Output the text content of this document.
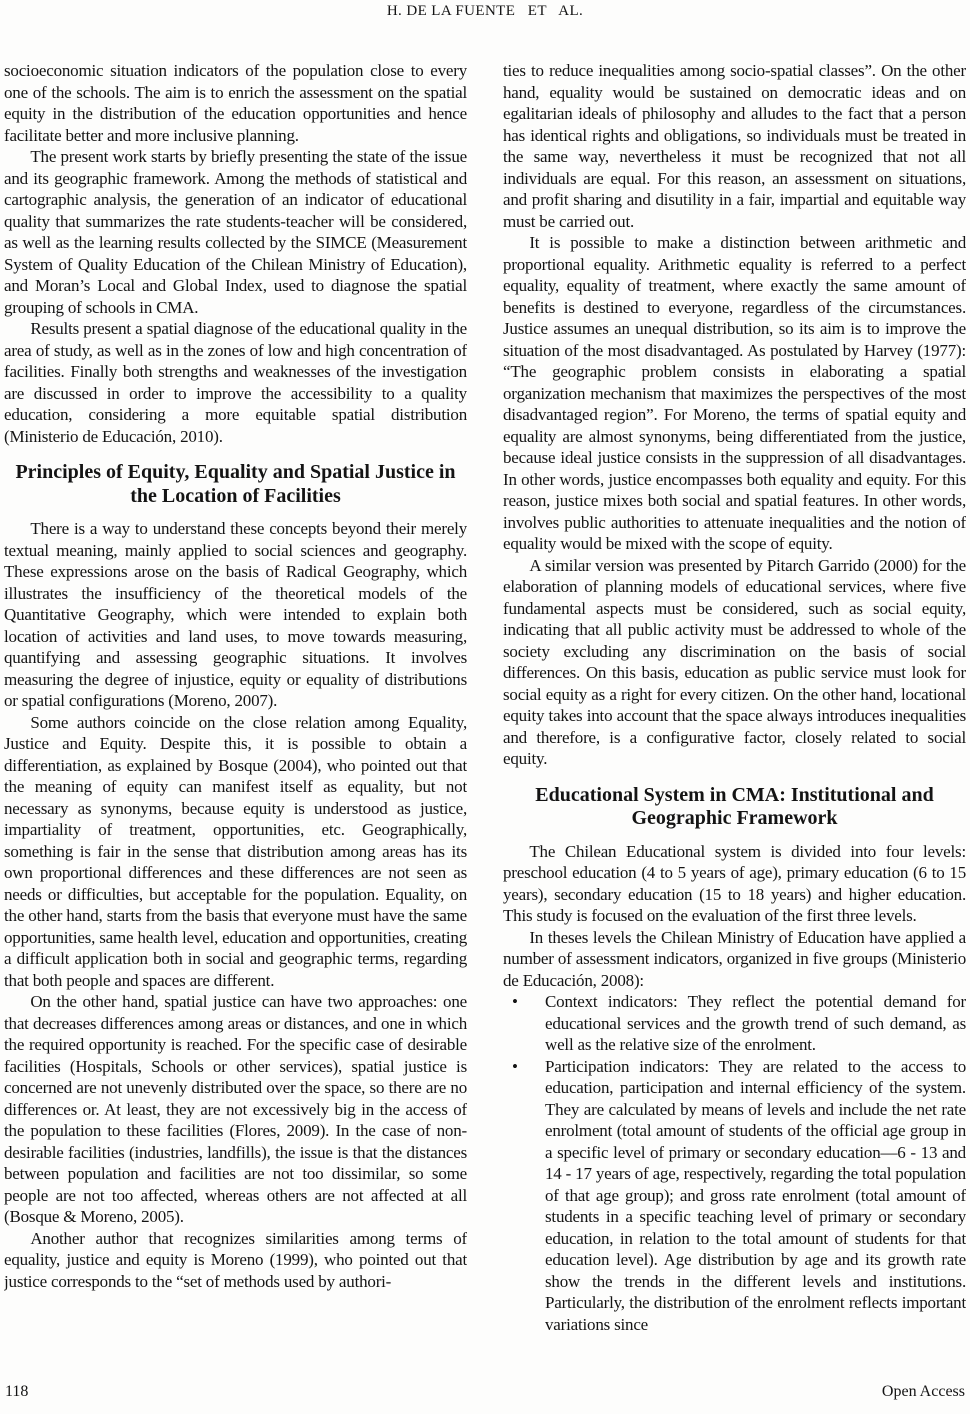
H. DE LA FUENTE   ET   AL.

socioeconomic situation indicators of the population close to every one of the schools. The aim is to enrich the assessment on the spatial equity in the distribution of the education opportunities and hence facilitate better and more inclusive planning.

The present work starts by briefly presenting the state of the issue and its geographic framework. Among the methods of statistical and cartographic analysis, the generation of an indicator of educational quality that summarizes the rate students-teacher will be considered, as well as the learning results collected by the SIMCE (Measurement System of Quality Education of the Chilean Ministry of Education), and Moran’s Local and Global Index, used to diagnose the spatial grouping of schools in CMA.

Results present a spatial diagnose of the educational quality in the area of study, as well as in the zones of low and high concentration of facilities. Finally both strengths and weaknesses of the investigation are discussed in order to improve the accessibility to a quality education, considering a more equitable spatial distribution (Ministerio de Educación, 2010).

Principles of Equity, Equality and Spatial Justice in the Location of Facilities

There is a way to understand these concepts beyond their merely textual meaning, mainly applied to social sciences and geography. These expressions arose on the basis of Radical Geography, which illustrates the insufficiency of the theoretical models of the Quantitative Geography, which were intended to explain both location of activities and land uses, to move towards measuring, quantifying and assessing geographic situations. It involves measuring the degree of injustice, equity or equality of distributions or spatial configurations (Moreno, 2007).

Some authors coincide on the close relation among Equality, Justice and Equity. Despite this, it is possible to obtain a differentiation, as explained by Bosque (2004), who pointed out that the meaning of equity can manifest itself as equality, but not necessary as synonyms, because equity is understood as justice, impartiality of treatment, opportunities, etc. Geographically, something is fair in the sense that distribution among areas has its own proportional differences and these differences are not seen as needs or difficulties, but acceptable for the population. Equality, on the other hand, starts from the basis that everyone must have the same opportunities, same health level, education and opportunities, creating a difficult application both in social and geographic terms, regarding that both people and spaces are different.

On the other hand, spatial justice can have two approaches: one that decreases differences among areas or distances, and one in which the required opportunity is reached. For the specific case of desirable facilities (Hospitals, Schools or other services), spatial justice is concerned are not unevenly distributed over the space, so there are no differences or. At least, they are not excessively big in the access of the population to these facilities (Flores, 2009). In the case of non-desirable facilities (industries, landfills), the issue is that the distances between population and facilities are not too dissimilar, so some people are not too affected, whereas others are not affected at all (Bosque & Moreno, 2005).

Another author that recognizes similarities among terms of equality, justice and equity is Moreno (1999), who pointed out that justice corresponds to the “set of methods used by authori-

ties to reduce inequalities among socio-spatial classes”. On the other hand, equality would be sustained on democratic ideas and on egalitarian ideals of philosophy and alludes to the fact that a person has identical rights and obligations, so individuals must be treated in the same way, nevertheless it must be recognized that not all individuals are equal. For this reason, an assessment on situations, and profit sharing and disutility in a fair, impartial and equitable way must be carried out.

It is possible to make a distinction between arithmetic and proportional equality. Arithmetic equality is referred to a perfect equality, equality of treatment, where exactly the same amount of benefits is destined to everyone, regardless of the circumstances. Justice assumes an unequal distribution, so its aim is to improve the situation of the most disadvantaged. As postulated by Harvey (1977): “The geographic problem consists in elaborating a spatial organization mechanism that maximizes the perspectives of the most disadvantaged region”. For Moreno, the terms of spatial equity and equality are almost synonyms, being differentiated from the justice, because ideal justice consists in the suppression of all disadvantages. In other words, justice encompasses both equality and equity. For this reason, justice mixes both social and spatial features. In other words, involves public authorities to attenuate inequalities and the notion of equality would be mixed with the scope of equity.

A similar version was presented by Pitarch Garrido (2000) for the elaboration of planning models of educational services, where five fundamental aspects must be considered, such as social equity, indicating that all public activity must be addressed to whole of the society excluding any discrimination on the basis of social differences. On this basis, education as public service must look for social equity as a right for every citizen. On the other hand, locational equity takes into account that the space always introduces inequalities and therefore, is a configurative factor, closely related to social equity.

Educational System in CMA: Institutional and Geographic Framework

The Chilean Educational system is divided into four levels: preschool education (4 to 5 years of age), primary education (6 to 15 years), secondary education (15 to 18 years) and higher education. This study is focused on the evaluation of the first three levels.

In theses levels the Chilean Ministry of Education have applied a number of assessment indicators, organized in five groups (Ministerio de Educación, 2008):

• Context indicators: They reflect the potential demand for educational services and the growth trend of such demand, as well as the relative size of the enrolment.
• Participation indicators: They are related to the access to education, participation and internal efficiency of the system. They are calculated by means of levels and include the net rate enrolment (total amount of students of the official age group in a specific level of primary or secondary education—6 - 13 and 14 - 17 years of age, respectively, regarding the total population of that age group); and gross rate enrolment (total amount of students in a specific teaching level of primary or secondary education, in relation to the total amount of students for that education level). Age distribution by age and its growth rate show the trends in the different levels and institutions. Particularly, the distribution of the enrolment reflects important variations since
118	Open Access
